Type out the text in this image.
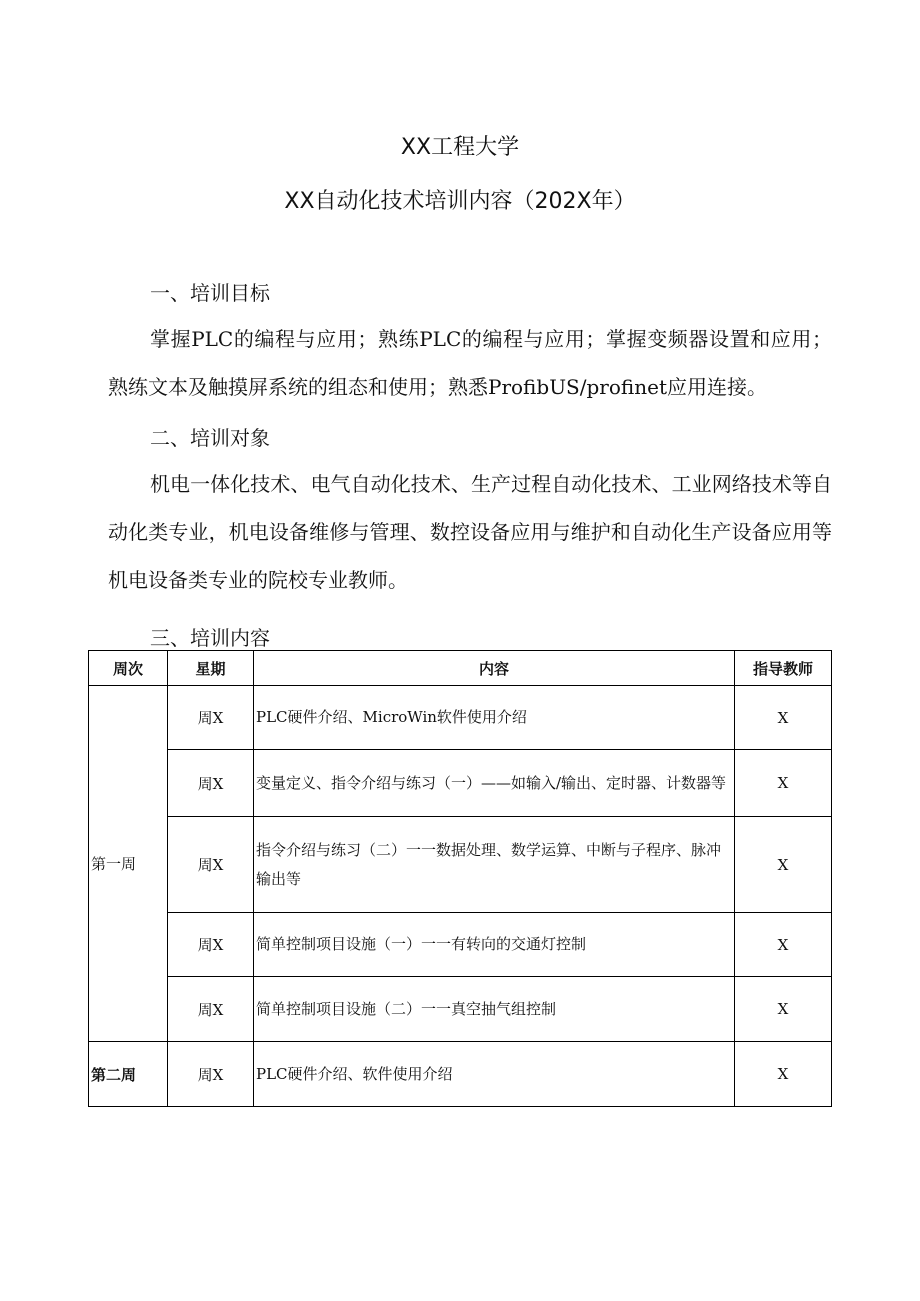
XX工程大学
XX自动化技术培训内容（202X年）
一、培训目标

掌握PLC的编程与应用；熟练PLC的编程与应用；掌握变频器设置和应用；熟练文本及触摸屏系统的组态和使用；熟悉ProfibUS/profinet应用连接。

二、培训对象

机电一体化技术、电气自动化技术、生产过程自动化技术、工业网络技术等自动化类专业，机电设备维修与管理、数控设备应用与维护和自动化生产设备应用等机电设备类专业的院校专业教师。

三、培训内容
周次	星期	内容	指导教师
第一周	周X	PLC硬件介绍、MicroWin软件使用介绍	X
	周X	变量定义、指令介绍与练习（一）——如输入/输出、定时器、计数器等	X
	周X	指令介绍与练习（二）一一数据处理、数学运算、中断与子程序、脉冲输出等	X
	周X	简单控制项目设施（一）一一有转向的交通灯控制	X
	周X	简单控制项目设施（二）一一真空抽气组控制	X
第二周	周X	PLC硬件介绍、软件使用介绍	X
